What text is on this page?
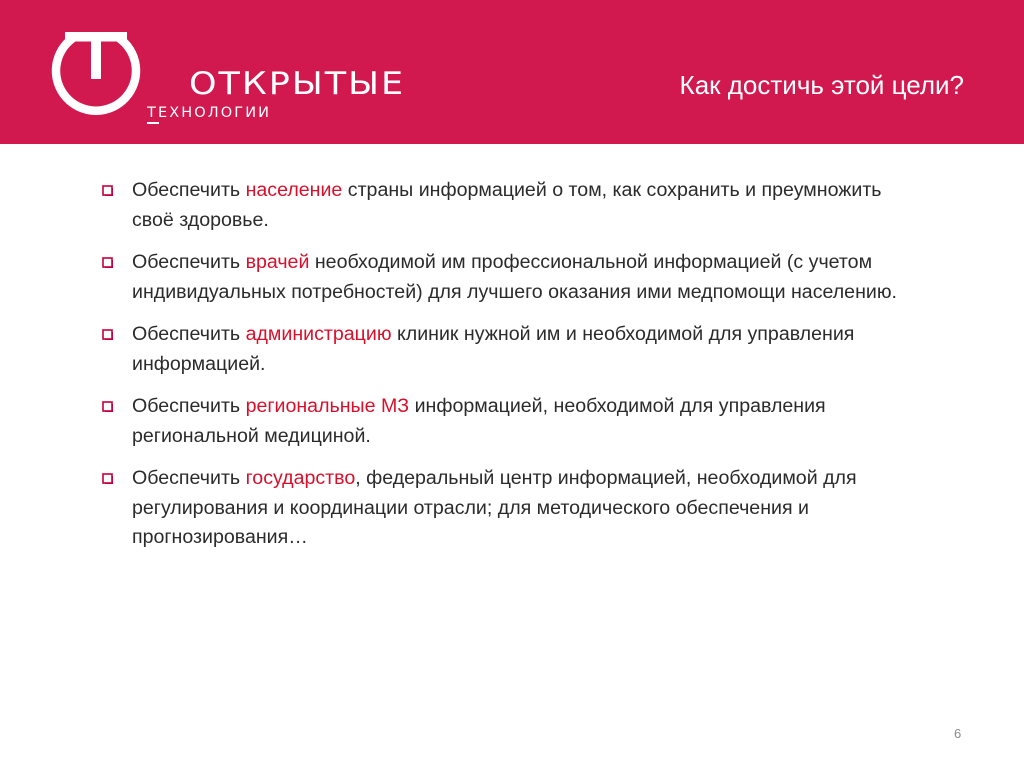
ОТКРЫТЫЕ
ТЕХНОЛОГИИ
Как достичь этой цели?
Обеспечить население страны информацией о том, как сохранить и преумножить своё здоровье.
Обеспечить врачей необходимой им профессиональной информацией (с учетом индивидуальных потребностей) для лучшего оказания ими медпомощи населению.
Обеспечить администрацию клиник нужной им и необходимой для управления информацией.
Обеспечить региональные МЗ информацией, необходимой для управления региональной медициной.
Обеспечить государство, федеральный центр информацией, необходимой для регулирования и координации отрасли; для методического обеспечения и прогнозирования…
6
